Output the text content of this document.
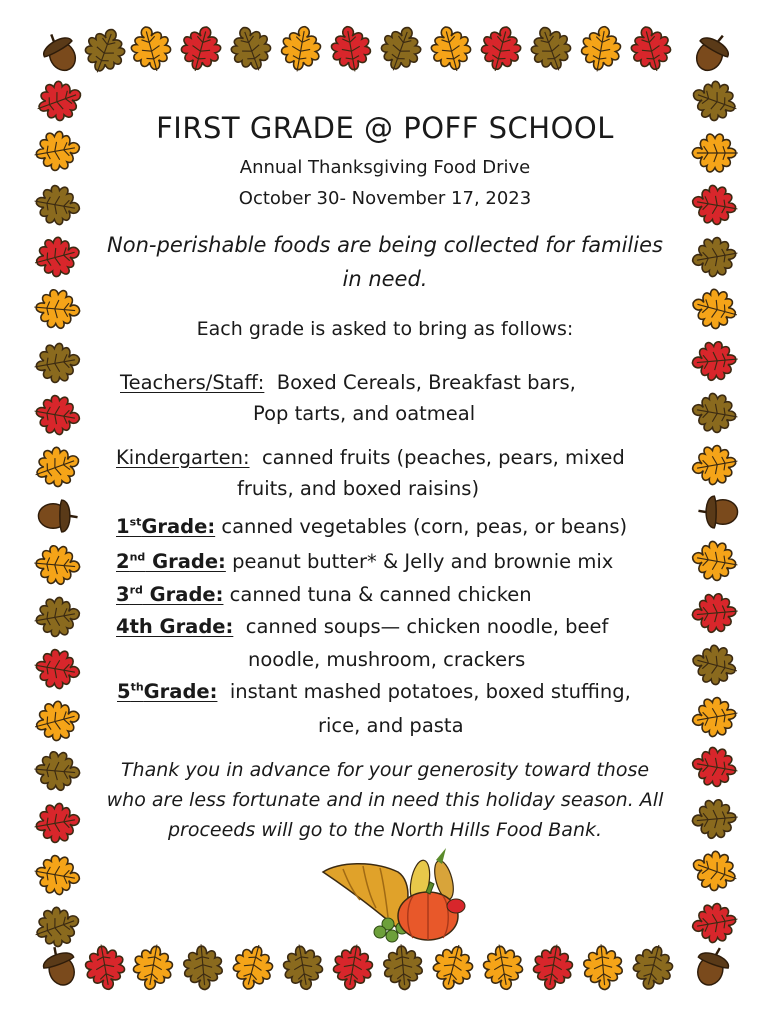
FIRST GRADE @ POFF SCHOOL
Annual Thanksgiving Food Drive
October 30- November 17, 2023
Non-perishable foods are being collected for families
in need.
Each grade is asked to bring as follows:
Teachers/Staff: Boxed Cereals, Breakfast bars,
Pop tarts, and oatmeal
Kindergarten: canned fruits (peaches, pears, mixed
fruits, and boxed raisins)
1stGrade: canned vegetables (corn, peas, or beans)
2nd Grade: peanut butter* & Jelly and brownie mix
3rd Grade: canned tuna & canned chicken
4th Grade: canned soups— chicken noodle, beef
noodle, mushroom, crackers
5thGrade: instant mashed potatoes, boxed stuffing,
rice, and pasta
Thank you in advance for your generosity toward those
who are less fortunate and in need this holiday season. All
proceeds will go to the North Hills Food Bank.
